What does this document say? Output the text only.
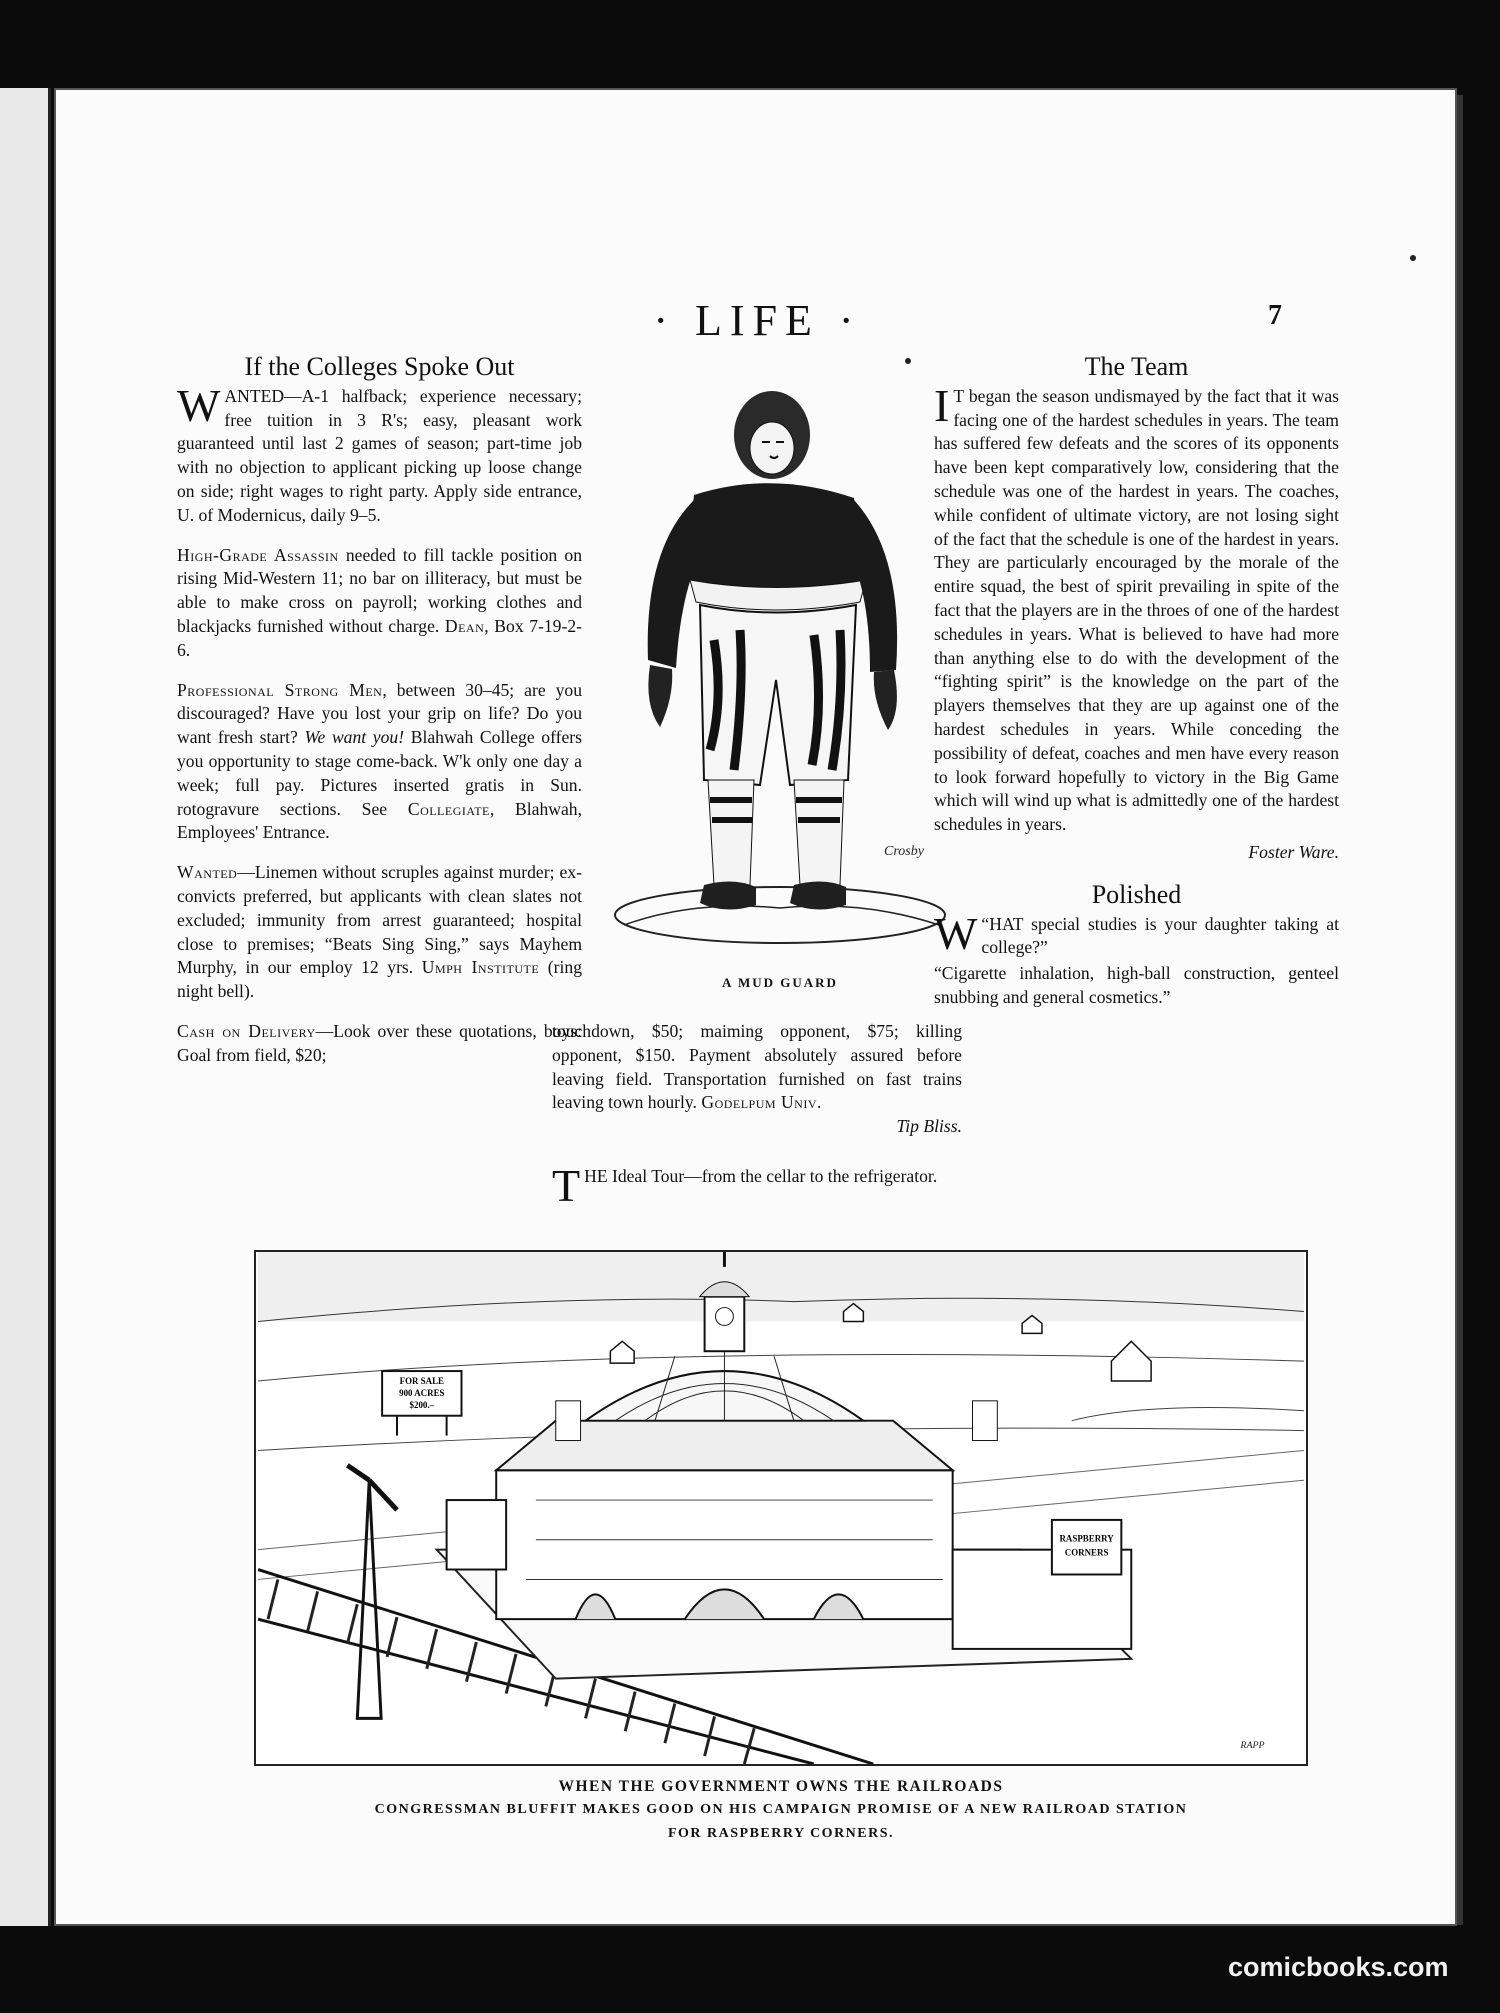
· LIFE ·	7
If the Colleges Spoke Out

WANTED—A-1 halfback; experience necessary; free tuition in 3 R's; easy, pleasant work guaranteed until last 2 games of season; part-time job with no objection to applicant picking up loose change on side; right wages to right party. Apply side entrance, U. of Modernicus, daily 9–5.

High-Grade Assassin needed to fill tackle position on rising Mid-Western 11; no bar on illiteracy, but must be able to make cross on payroll; working clothes and blackjacks furnished without charge. Dean, Box 7-19-2-6.

Professional Strong Men, between 30–45; are you discouraged? Have you lost your grip on life? Do you want fresh start? We want you! Blahwah College offers you opportunity to stage come-back. W'k only one day a week; full pay. Pictures inserted gratis in Sun. rotogravure sections. See Collegiate, Blahwah, Employees' Entrance.

Wanted—Linemen without scruples against murder; ex-convicts preferred, but applicants with clean slates not excluded; immunity from arrest guaranteed; hospital close to premises; “Beats Sing Sing,” says Mayhem Murphy, in our employ 12 yrs. Umph Institute (ring night bell).

Cash on Delivery—Look over these quotations, boys: Goal from field, $20;

Crosby
A MUD GUARD

touchdown, $50; maiming opponent, $75; killing opponent, $150. Payment absolutely assured before leaving field. Transportation furnished on fast trains leaving town hourly. Godelpum Univ.

Tip Bliss.

THE Ideal Tour—from the cellar to the refrigerator.

The Team

I T began the season undismayed by the fact that it was facing one of the hardest schedules in years. The team has suffered few defeats and the scores of its opponents have been kept comparatively low, considering that the schedule was one of the hardest in years. The coaches, while confident of ultimate victory, are not losing sight of the fact that the schedule is one of the hardest in years. They are particularly encouraged by the morale of the entire squad, the best of spirit prevailing in spite of the fact that the players are in the throes of one of the hardest schedules in years. What is believed to have had more than anything else to do with the development of the “fighting spirit” is the knowledge on the part of the players themselves that they are up against one of the hardest schedules in years. While conceding the possibility of defeat, coaches and men have every reason to look forward hopefully to victory in the Big Game which will wind up what is admittedly one of the hardest schedules in years.

Foster Ware.

Polished

“
W HAT special studies is your daughter taking at college?”

“Cigarette inhalation, high-ball construction, genteel snubbing and general cosmetics.”

RASPBERRY
CORNERS
FOR SALE
900 ACRES
$200.–
RAPP
WHEN THE GOVERNMENT OWNS THE RAILROADS
CONGRESSMAN BLUFFIT MAKES GOOD ON HIS CAMPAIGN PROMISE OF A NEW RAILROAD STATION
FOR RASPBERRY CORNERS.
comicbooks.com
